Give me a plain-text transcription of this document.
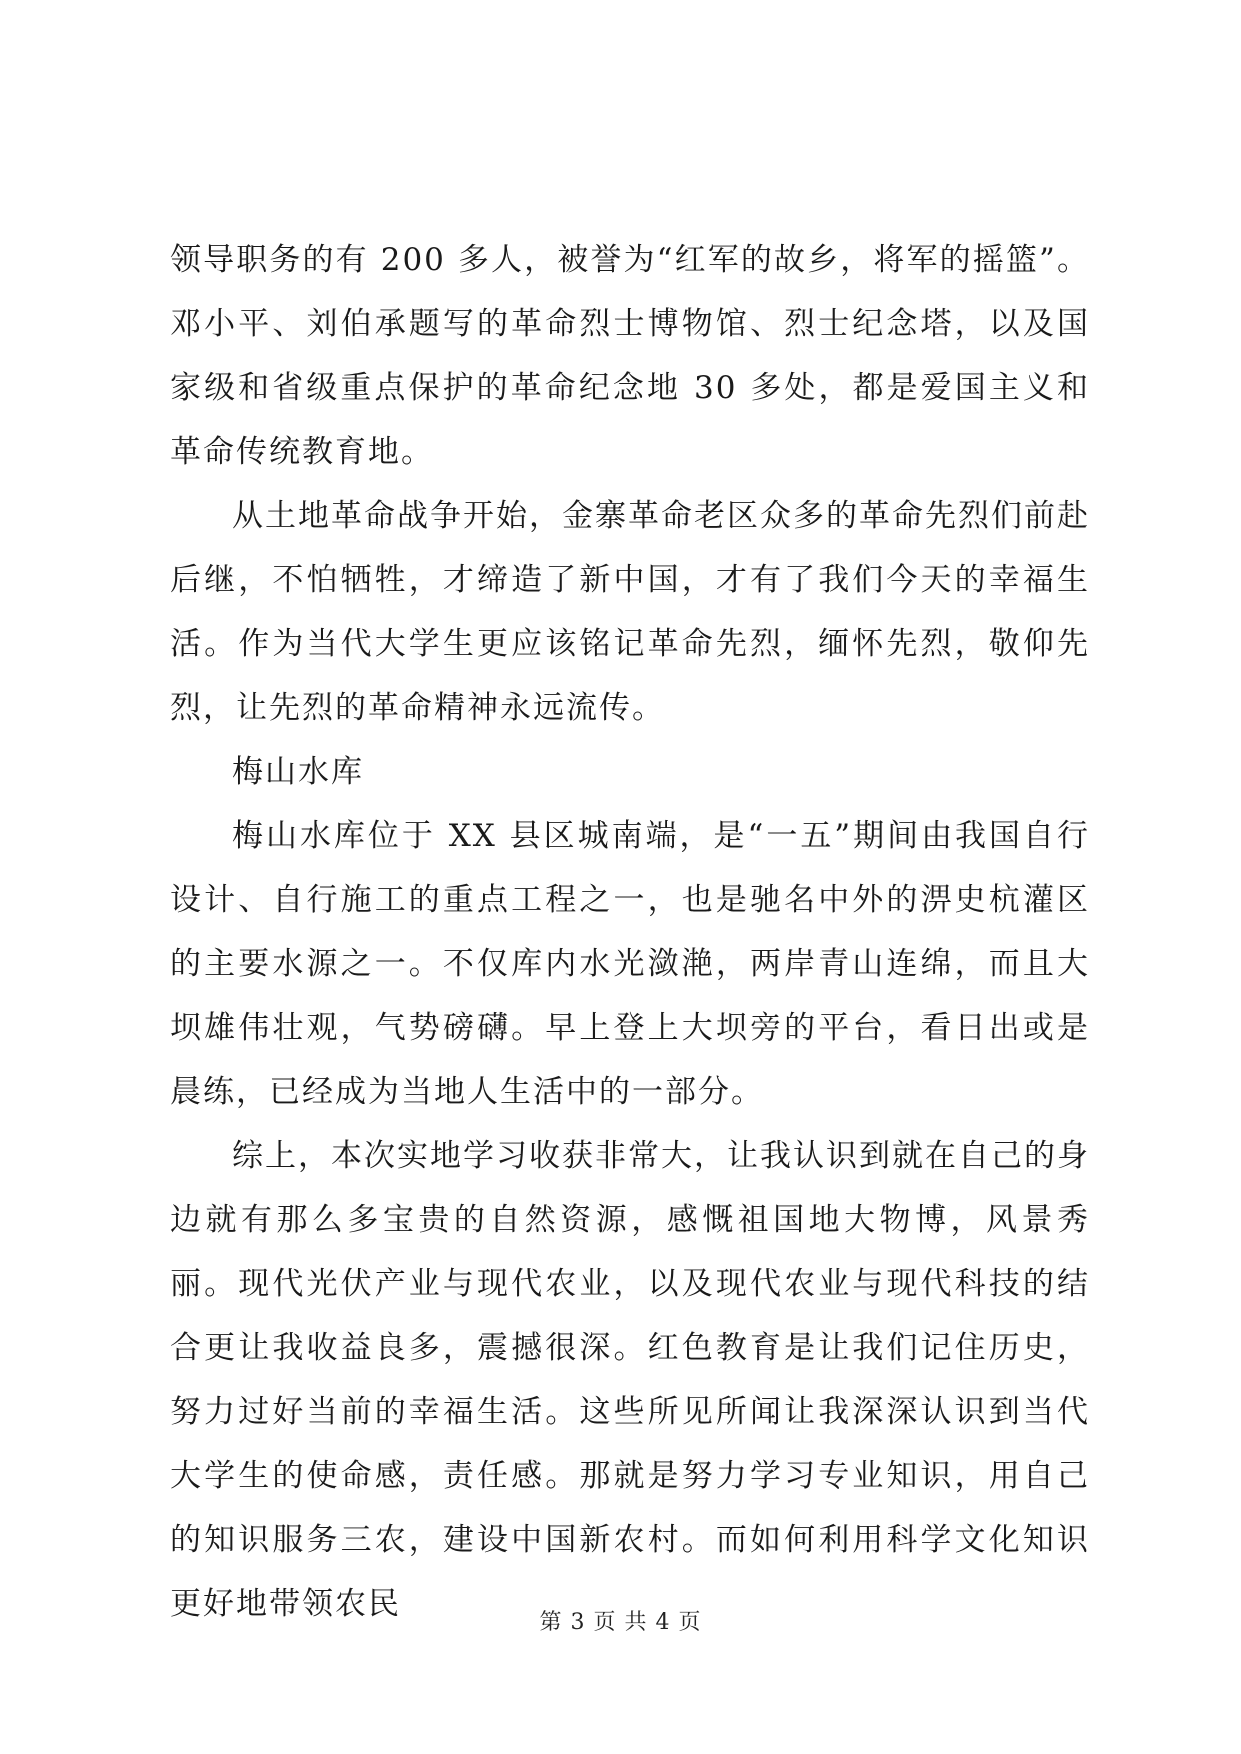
领导职务的有 200 多人，被誉为“红军的故乡，将军的摇篮”。邓小平、刘伯承题写的革命烈士博物馆、烈士纪念塔，以及国家级和省级重点保护的革命纪念地 30 多处，都是爱国主义和革命传统教育地。

从土地革命战争开始，金寨革命老区众多的革命先烈们前赴后继，不怕牺牲，才缔造了新中国，才有了我们今天的幸福生活。作为当代大学生更应该铭记革命先烈，缅怀先烈，敬仰先烈，让先烈的革命精神永远流传。

梅山水库

梅山水库位于 XX 县区城南端，是“一五”期间由我国自行设计、自行施工的重点工程之一，也是驰名中外的淠史杭灌区的主要水源之一。不仅库内水光潋滟，两岸青山连绵，而且大坝雄伟壮观，气势磅礴。早上登上大坝旁的平台，看日出或是晨练，已经成为当地人生活中的一部分。

综上，本次实地学习收获非常大，让我认识到就在自己的身边就有那么多宝贵的自然资源，感慨祖国地大物博，风景秀丽。现代光伏产业与现代农业，以及现代农业与现代科技的结合更让我收益良多，震撼很深。红色教育是让我们记住历史，努力过好当前的幸福生活。这些所见所闻让我深深认识到当代大学生的使命感，责任感。那就是努力学习专业知识，用自己的知识服务三农，建设中国新农村。而如何利用科学文化知识更好地带领农民

第 3 页 共 4 页
